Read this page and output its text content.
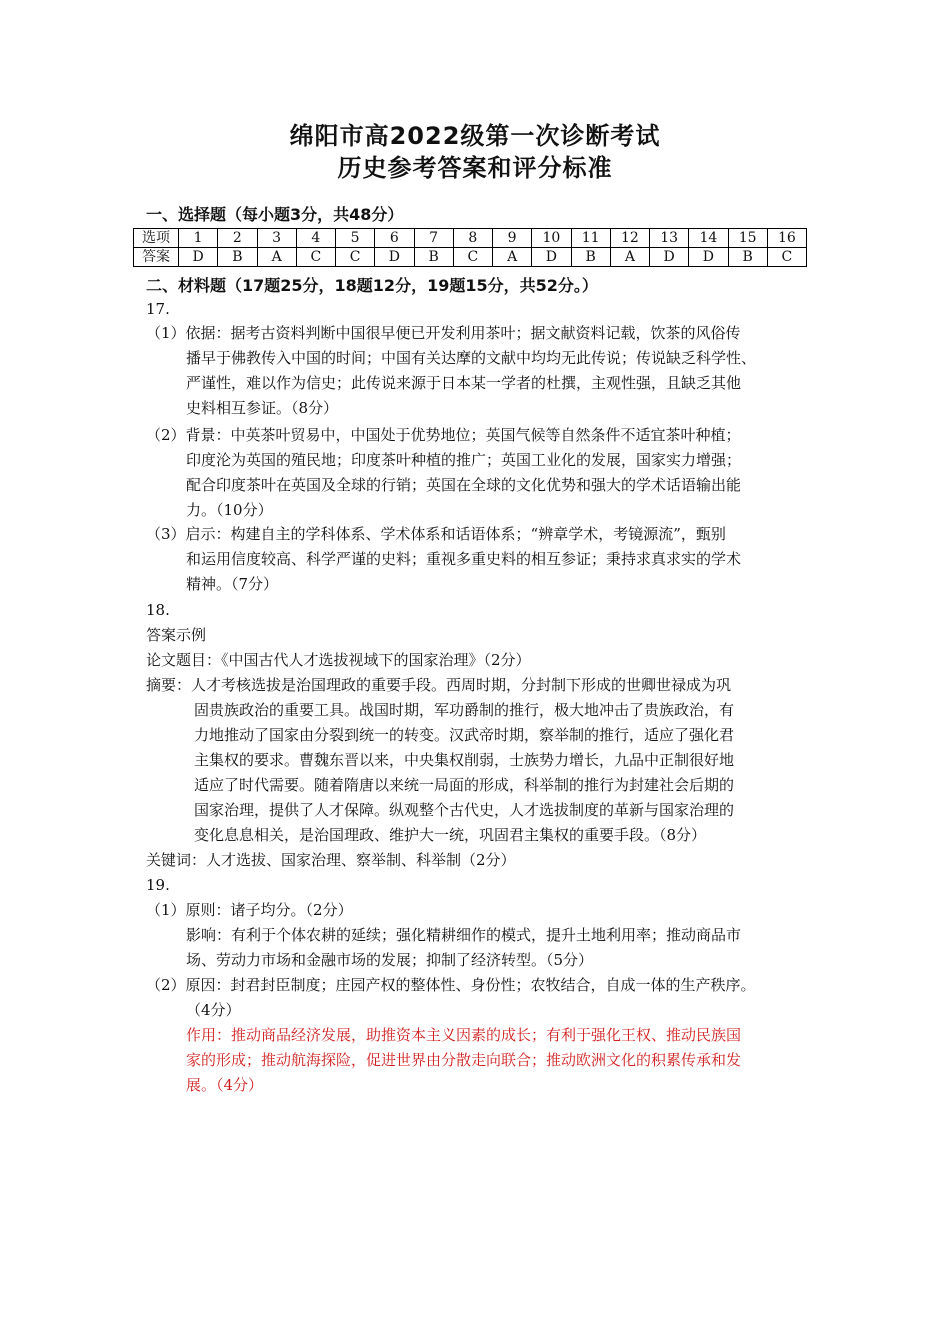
绵阳市高2022级第一次诊断考试
历史参考答案和评分标准
一、选择题（每小题3分，共48分）
选项	1	2	3	4	5	6	7	8	9	10	11	12	13	14	15	16
答案	D	B	A	C	C	D	B	C	A	D	B	A	D	D	B	C
二、材料题（17题25分，18题12分，19题15分，共52分。）
17.
（1）依据：据考古资料判断中国很早便已开发利用茶叶；据文献资料记载，饮茶的风俗传
播早于佛教传入中国的时间；中国有关达摩的文献中均均无此传说；传说缺乏科学性、
严谨性，难以作为信史；此传说来源于日本某一学者的杜撰，主观性强，且缺乏其他
史料相互参证。（8分）
（2）背景：中英茶叶贸易中，中国处于优势地位；英国气候等自然条件不适宜茶叶种植；
印度沦为英国的殖民地；印度茶叶种植的推广；英国工业化的发展，国家实力增强；
配合印度茶叶在英国及全球的行销；英国在全球的文化优势和强大的学术话语输出能
力。（10分）
（3）启示：构建自主的学科体系、学术体系和话语体系；“辨章学术，考镜源流”，甄别
和运用信度较高、科学严谨的史料；重视多重史料的相互参证；秉持求真求实的学术
精神。（7分）
18.
答案示例
论文题目：《中国古代人才选拔视域下的国家治理》（2分）
摘要：人才考核选拔是治国理政的重要手段。西周时期，分封制下形成的世卿世禄成为巩
固贵族政治的重要工具。战国时期，军功爵制的推行，极大地冲击了贵族政治，有
力地推动了国家由分裂到统一的转变。汉武帝时期，察举制的推行，适应了强化君
主集权的要求。曹魏东晋以来，中央集权削弱，士族势力增长，九品中正制很好地
适应了时代需要。随着隋唐以来统一局面的形成，科举制的推行为封建社会后期的
国家治理，提供了人才保障。纵观整个古代史，人才选拔制度的革新与国家治理的
变化息息相关，是治国理政、维护大一统，巩固君主集权的重要手段。（8分）
关键词：人才选拔、国家治理、察举制、科举制（2分）
19.
（1）原则：诸子均分。（2分）
影响：有利于个体农耕的延续；强化精耕细作的模式，提升土地利用率；推动商品市
场、劳动力市场和金融市场的发展；抑制了经济转型。（5分）
（2）原因：封君封臣制度；庄园产权的整体性、身份性；农牧结合，自成一体的生产秩序。
（4分）
作用：推动商品经济发展，助推资本主义因素的成长；有利于强化王权、推动民族国
家的形成；推动航海探险，促进世界由分散走向联合；推动欧洲文化的积累传承和发
展。（4分）
